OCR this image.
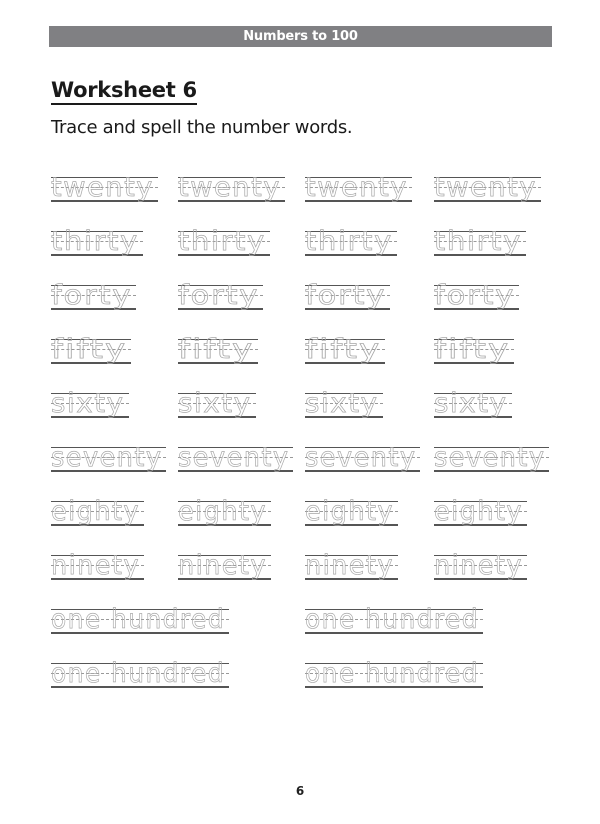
Numbers to 100
Worksheet 6
Trace and spell the number words.
twenty twenty twenty twenty
thirty thirty thirty thirty
forty forty forty forty
fifty fifty fifty fifty
sixty sixty sixty sixty
seventy seventy seventy seventy
eighty eighty eighty eighty
ninety ninety ninety ninety
one hundred	one hundred
one hundred	one hundred
6
